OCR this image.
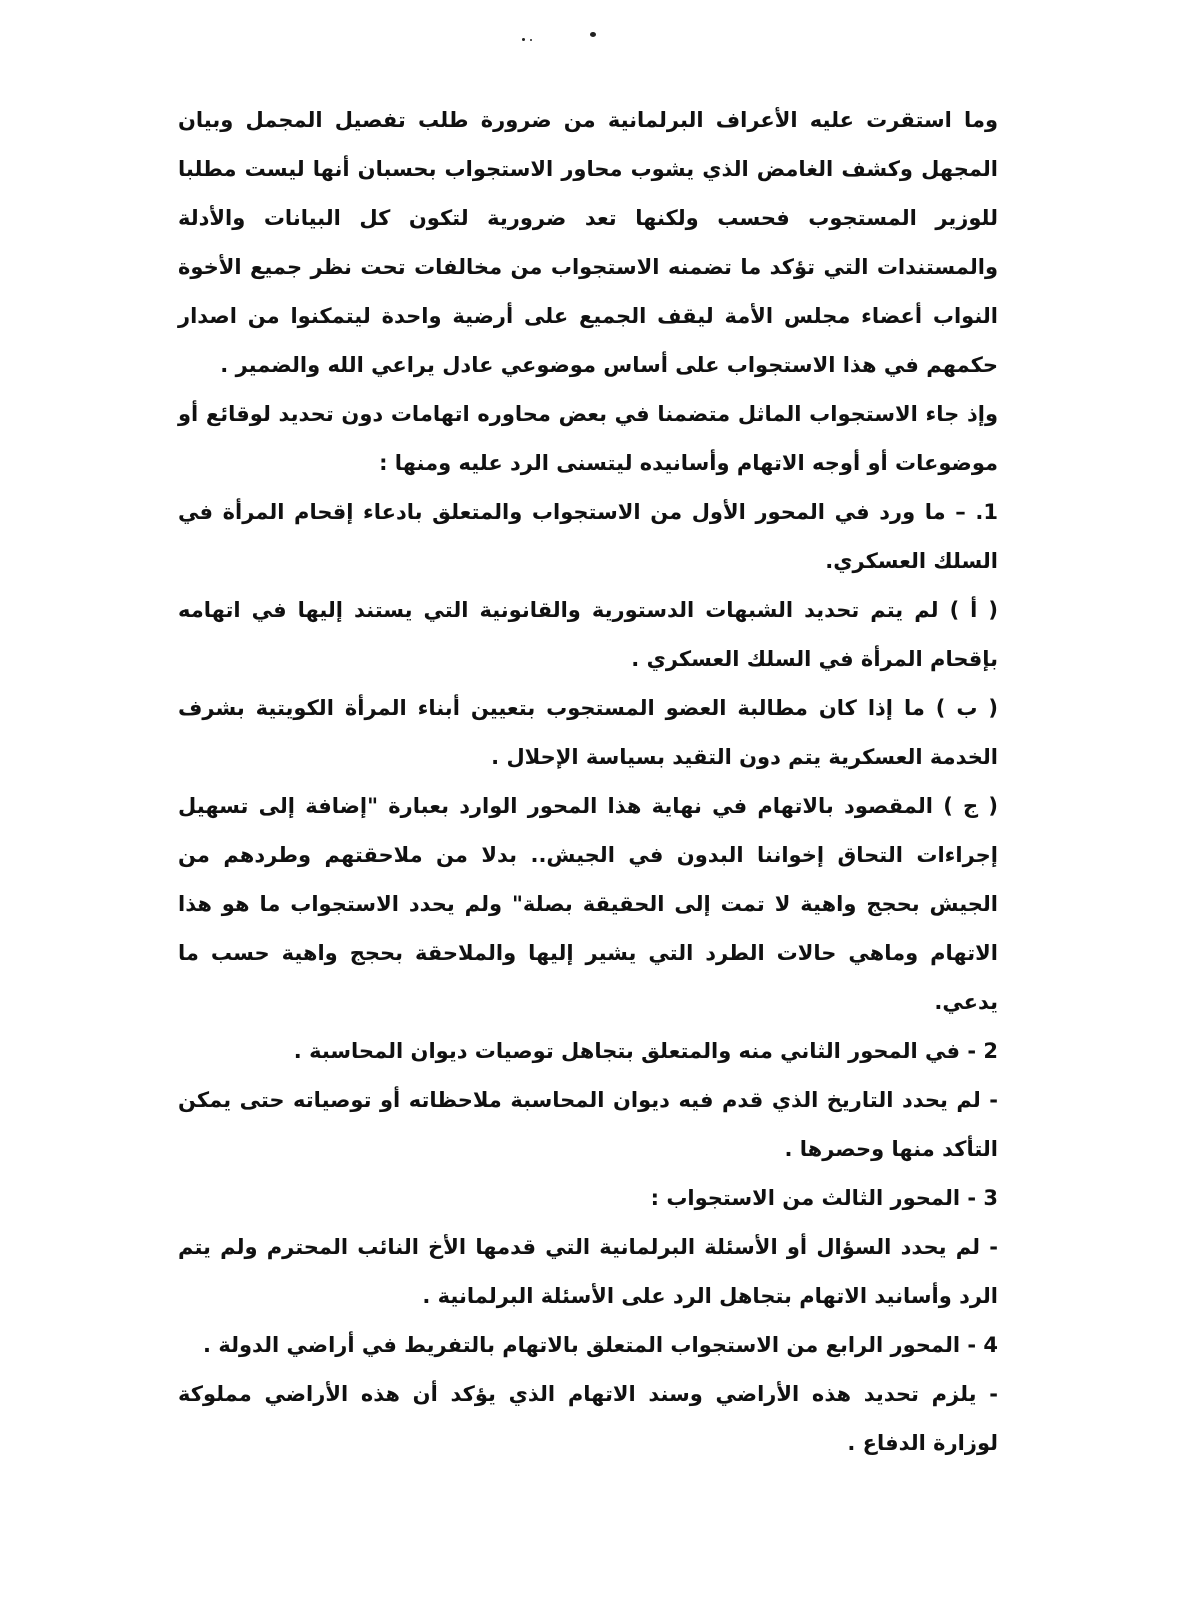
وما استقرت عليه الأعراف البرلمانية من ضرورة طلب تفصيل المجمل وبيان المجهل وكشف الغامض الذي يشوب محاور الاستجواب بحسبان أنها ليست مطلبا للوزير المستجوب فحسب ولكنها تعد ضرورية لتكون كل البيانات والأدلة والمستندات التي تؤكد ما تضمنه الاستجواب من مخالفات تحت نظر جميع الأخوة النواب أعضاء مجلس الأمة ليقف الجميع على أرضية واحدة ليتمكنوا من اصدار حكمهم في هذا الاستجواب على أساس موضوعي عادل يراعي الله والضمير .

وإذ جاء الاستجواب الماثل متضمنا في بعض محاوره اتهامات دون تحديد لوقائع أو موضوعات أو أوجه الاتهام وأسانيده ليتسنى الرد عليه ومنها :

1. – ما ورد في المحور الأول من الاستجواب والمتعلق بادعاء إقحام المرأة في السلك العسكري.

( أ ) لم يتم تحديد الشبهات الدستورية والقانونية التي يستند إليها في اتهامه بإقحام المرأة في السلك العسكري .

( ب ) ما إذا كان مطالبة العضو المستجوب بتعيين أبناء المرأة الكويتية بشرف الخدمة العسكرية يتم دون التقيد بسياسة الإحلال .

( ج ) المقصود بالاتهام في نهاية هذا المحور الوارد بعبارة "إضافة إلى تسهيل إجراءات التحاق إخواننا البدون في الجيش.. بدلا من ملاحقتهم وطردهم من الجيش بحجج واهية لا تمت إلى الحقيقة بصلة" ولم يحدد الاستجواب ما هو هذا الاتهام وماهي حالات الطرد التي يشير إليها والملاحقة بحجج واهية حسب ما يدعي.

2 - في المحور الثاني منه والمتعلق بتجاهل توصيات ديوان المحاسبة .

- لم يحدد التاريخ الذي قدم فيه ديوان المحاسبة ملاحظاته أو توصياته حتى يمكن التأكد منها وحصرها .

3 - المحور الثالث من الاستجواب :

- لم يحدد السؤال أو الأسئلة البرلمانية التي قدمها الأخ النائب المحترم ولم يتم الرد وأسانيد الاتهام بتجاهل الرد على الأسئلة البرلمانية .

4 - المحور الرابع من الاستجواب المتعلق بالاتهام بالتفريط في أراضي الدولة .

- يلزم تحديد هذه الأراضي وسند الاتهام الذي يؤكد أن هذه الأراضي مملوكة لوزارة الدفاع .
